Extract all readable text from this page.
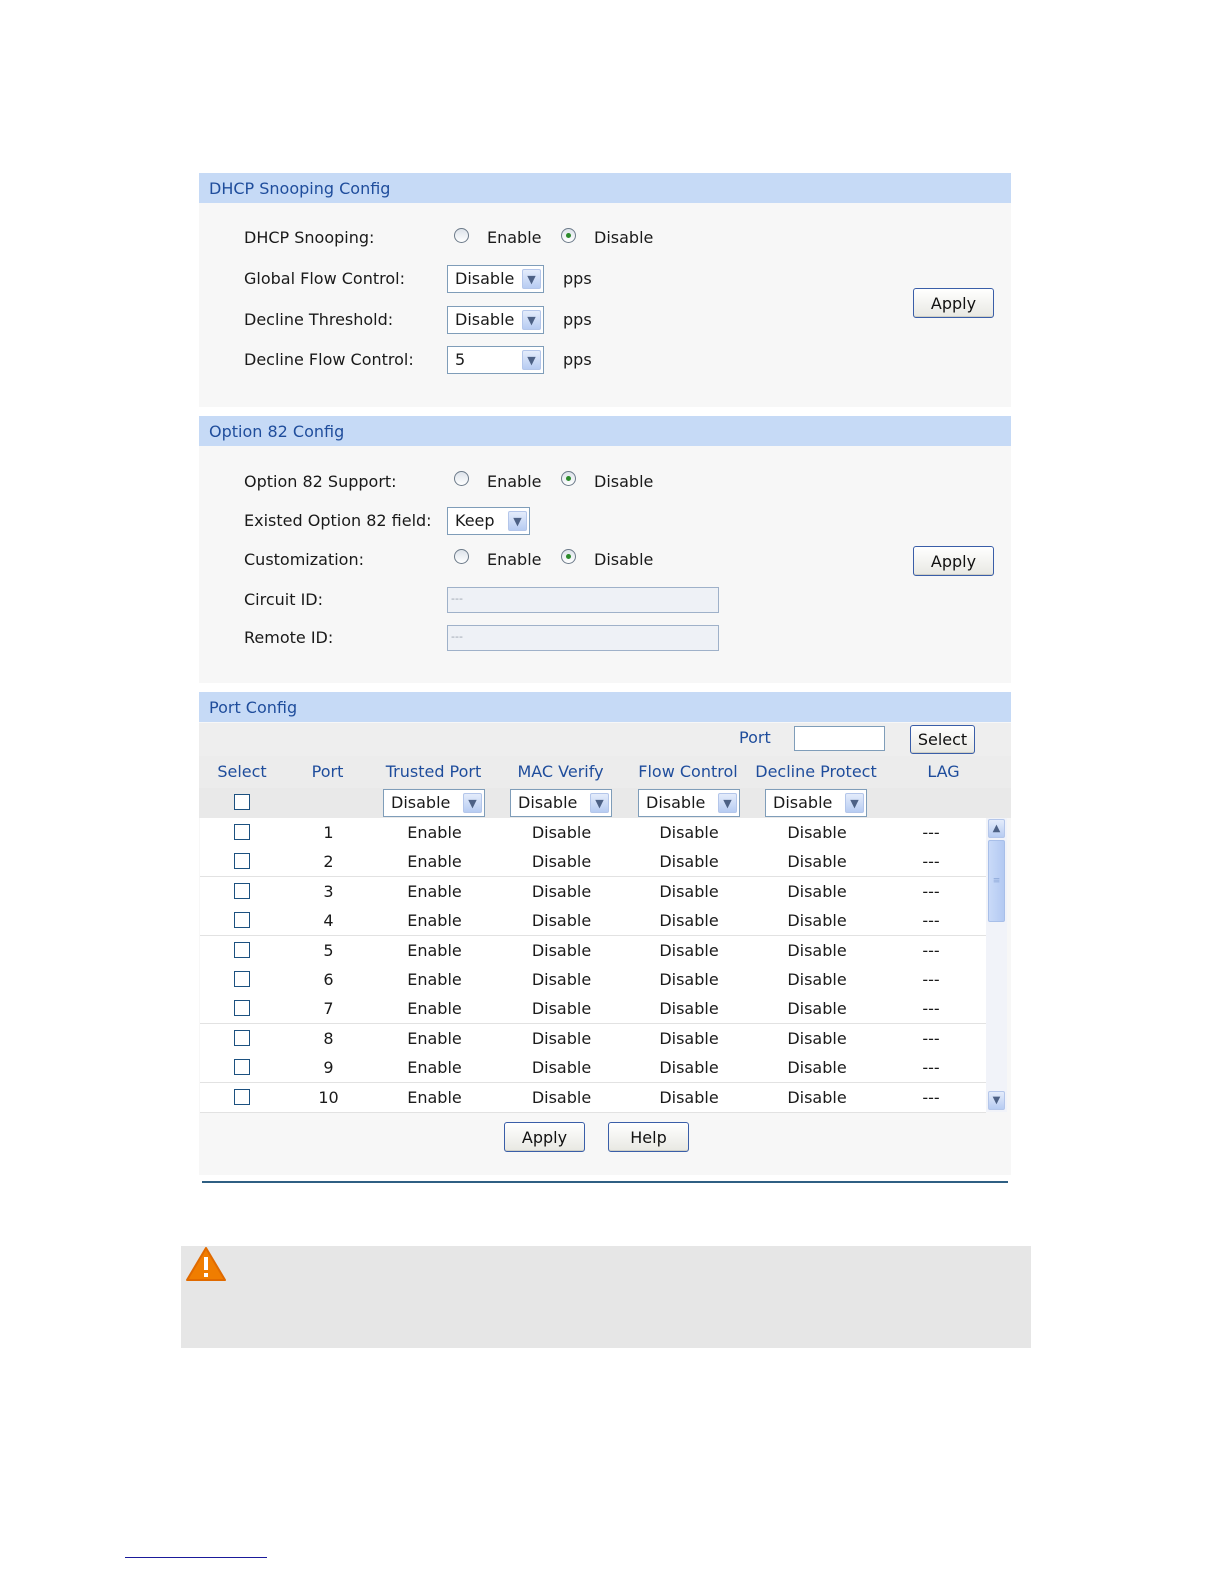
DHCP Snooping Config
DHCP Snooping:	Enable	Disable
Global Flow Control:	Disable	▼	pps
Decline Threshold:	Disable	▼	pps
Decline Flow Control:	5	▼	pps
Apply
Option 82 Config
Option 82 Support:	Enable	Disable
Existed Option 82 field: Keep	▼
Customization:	Enable	Disable
Circuit ID:	---
Remote ID:	---
Apply
Port Config
Port	Select
Select	Port	Trusted Port	MAC Verify	Flow Control	Decline Protect	LAG
Disable	▼	Disable	▼	Disable	▼	Disable	▼
1	Enable	Disable	Disable	Disable	---
2	Enable	Disable	Disable	Disable	---
3	Enable	Disable	Disable	Disable	---
4	Enable	Disable	Disable	Disable	---
5	Enable	Disable	Disable	Disable	---
6	Enable	Disable	Disable	Disable	---
7	Enable	Disable	Disable	Disable	---
8	Enable	Disable	Disable	Disable	---
9	Enable	Disable	Disable	Disable	---
10	Enable	Disable	Disable	Disable	---
▲
≡
▼
Apply	Help
